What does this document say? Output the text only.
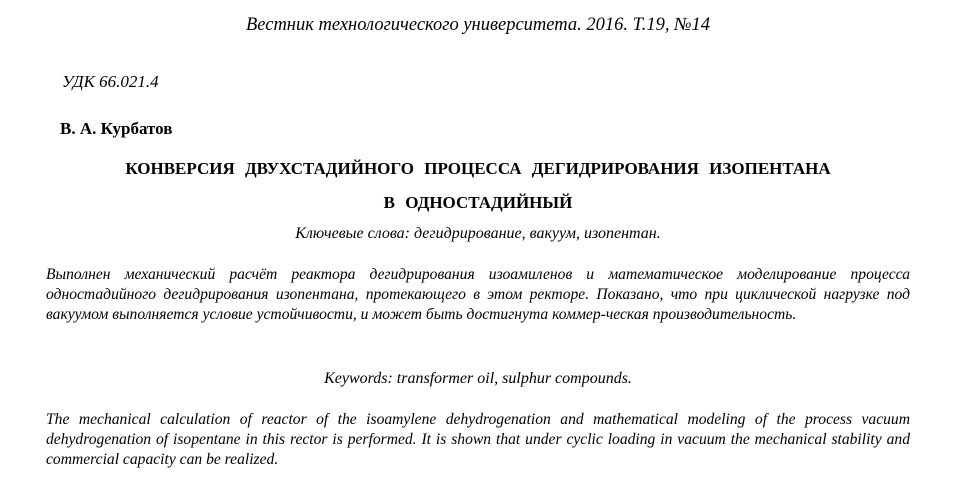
Вестник технологического университета. 2016. Т.19, №14
УДК 66.021.4
В. А. Курбатов
КОНВЕРСИЯ ДВУХСТАДИЙНОГО ПРОЦЕССА ДЕГИДРИРОВАНИЯ ИЗОПЕНТАНА
В ОДНОСТАДИЙНЫЙ
Ключевые слова: дегидрирование, вакуум, изопентан.
Выполнен механический расчёт реактора дегидрирования изоамиленов и математическое моделирование процесса одностадийного дегидрирования изопентана, протекающего в этом ректоре. Показано, что при циклической нагрузке под вакуумом выполняется условие устойчивости, и может быть достигнута коммер-ческая производительность.
Keywords: transformer oil, sulphur compounds.
The mechanical calculation of reactor of the isoamylene dehydrogenation and mathematical modeling of the process vacuum dehydrogenation of isopentane in this rector is performed. It is shown that under cyclic loading in vacuum the mechanical stability and commercial capacity can be realized.
